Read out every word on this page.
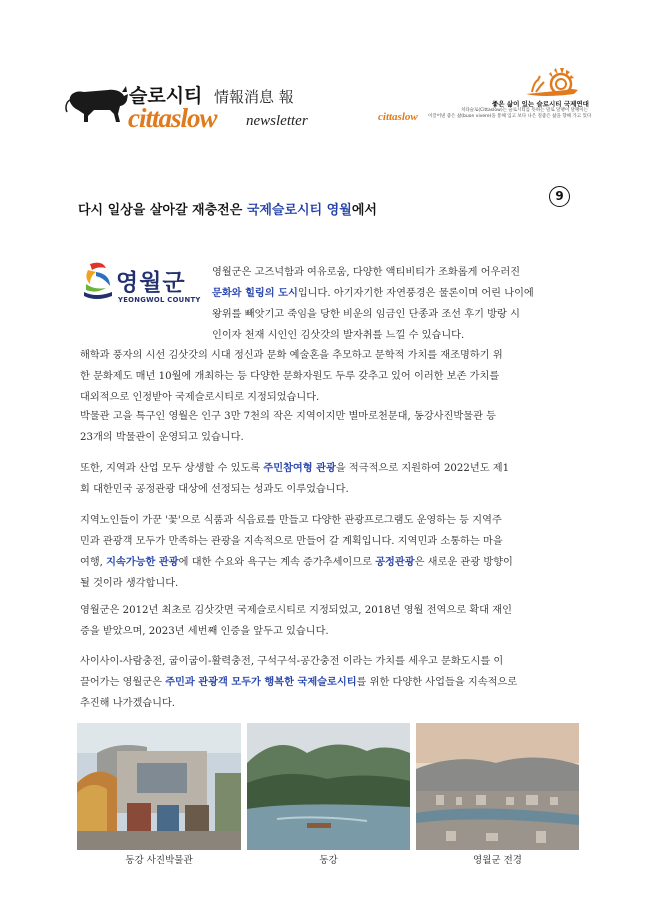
슬로시티 情報消息 報
cittaslow newsletter
좋은 삶이 있는 슬로시티 국제연대
cittaslow
치타슬로(Cittaslow)는 슬로시티를 뜻하는 말로 달팽이 달팽이는
이끌어낸 좋은 삶(buon vivere)을 통해 입고 보다 나은 질좋은 삶을 향해 가고 있다
다시 일상을 살아갈 재충전은 국제슬로시티 영월에서
9
영월군
YEONGWOL COUNTY
영월군은 고즈넉함과 여유로움, 다양한 액티비티가 조화롭게 어우러진
문화와 힐링의 도시입니다. 아기자기한 자연풍경은 물론이며 어린 나이에
왕위를 빼앗기고 죽임을 당한 비운의 임금인 단종과 조선 후기 방랑 시
인이자 천재 시인인 김삿갓의 발자취를 느낄 수 있습니다.
해학과 풍자의 시선 김삿갓의 시대 정신과 문화 예술혼을 추모하고 문학적 가치를 재조명하기 위
한 문화제도 매년 10월에 개최하는 등 다양한 문화자원도 두루 갖추고 있어 이러한 보존 가치를
대외적으로 인정받아 국제슬로시티로 지정되었습니다.
박물관 고을 특구인 영월은 인구 3만 7천의 작은 지역이지만 별마로천문대, 동강사진박물관 등
23개의 박물관이 운영되고 있습니다.
또한, 지역과 산업 모두 상생할 수 있도록 주민참여형 관광을 적극적으로 지원하여 2022년도 제1
회 대한민국 공정관광 대상에 선정되는 성과도 이루었습니다.
지역노인들이 가꾼 '꽃'으로 식품과 식음료를 만들고 다양한 관광프로그램도 운영하는 등 지역주
민과 관광객 모두가 만족하는 관광을 지속적으로 만들어 갈 계획입니다. 지역민과 소통하는 마을
여행, 지속가능한 관광에 대한 수요와 욕구는 계속 증가추세이므로 공정관광은 새로운 관광 방향이
될 것이라 생각합니다.
영월군은 2012년 최초로 김삿갓면 국제슬로시티로 지정되었고, 2018년 영월 전역으로 확대 재인
증을 받았으며, 2023년 세번째 인증을 앞두고 있습니다.
사이사이-사람충전, 굽이굽이-활력충전, 구석구석-공간충전 이라는 가치를 세우고 문화도시를 이
끌어가는 영월군은 주민과 관광객 모두가 행복한 국제슬로시티를 위한 다양한 사업들을 지속적으로
추진해 나가겠습니다.
동강 사진박물관	동강	영월군 전경
